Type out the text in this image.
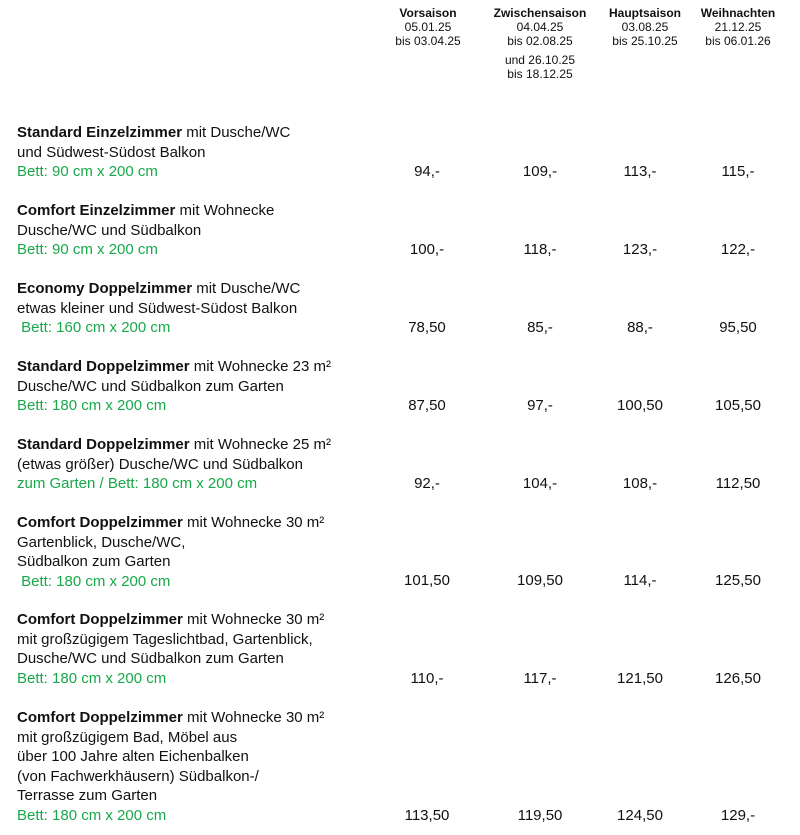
Vorsaison
05.01.25
bis 03.04.25
Zwischensaison
04.04.25
bis 02.08.25
und 26.10.25
bis 18.12.25
Hauptsaison
03.08.25
bis 25.10.25
Weihnachten
21.12.25
bis 06.01.26
Standard Einzelzimmer mit Dusche/WC
und Südwest-Südost Balkon
Bett: 90 cm x 200 cm	94,-	109,-	113,-	115,-
Comfort Einzelzimmer mit Wohnecke
Dusche/WC und Südbalkon
Bett: 90 cm x 200 cm	100,-	118,-	123,-	122,-
Economy Doppelzimmer mit Dusche/WC
etwas kleiner und Südwest-Südost Balkon
Bett: 160 cm x 200 cm	78,50	85,-	88,-	95,50
Standard Doppelzimmer mit Wohnecke 23 m²
Dusche/WC und Südbalkon zum Garten
Bett: 180 cm x 200 cm	87,50	97,-	100,50	105,50
Standard Doppelzimmer mit Wohnecke 25 m²
(etwas größer) Dusche/WC und Südbalkon
zum Garten / Bett: 180 cm x 200 cm	92,-	104,-	108,-	112,50
Comfort Doppelzimmer mit Wohnecke 30 m²
Gartenblick, Dusche/WC,
Südbalkon zum Garten
Bett: 180 cm x 200 cm	101,50	109,50	114,-	125,50
Comfort Doppelzimmer mit Wohnecke 30 m²
mit großzügigem Tageslichtbad, Gartenblick,
Dusche/WC und Südbalkon zum Garten
Bett: 180 cm x 200 cm	110,-	117,-	121,50	126,50
Comfort Doppelzimmer mit Wohnecke 30 m²
mit großzügigem Bad, Möbel aus
über 100 Jahre alten Eichenbalken
(von Fachwerkhäusern) Südbalkon-/
Terrasse zum Garten
Bett: 180 cm x 200 cm	113,50	119,50	124,50	129,-
